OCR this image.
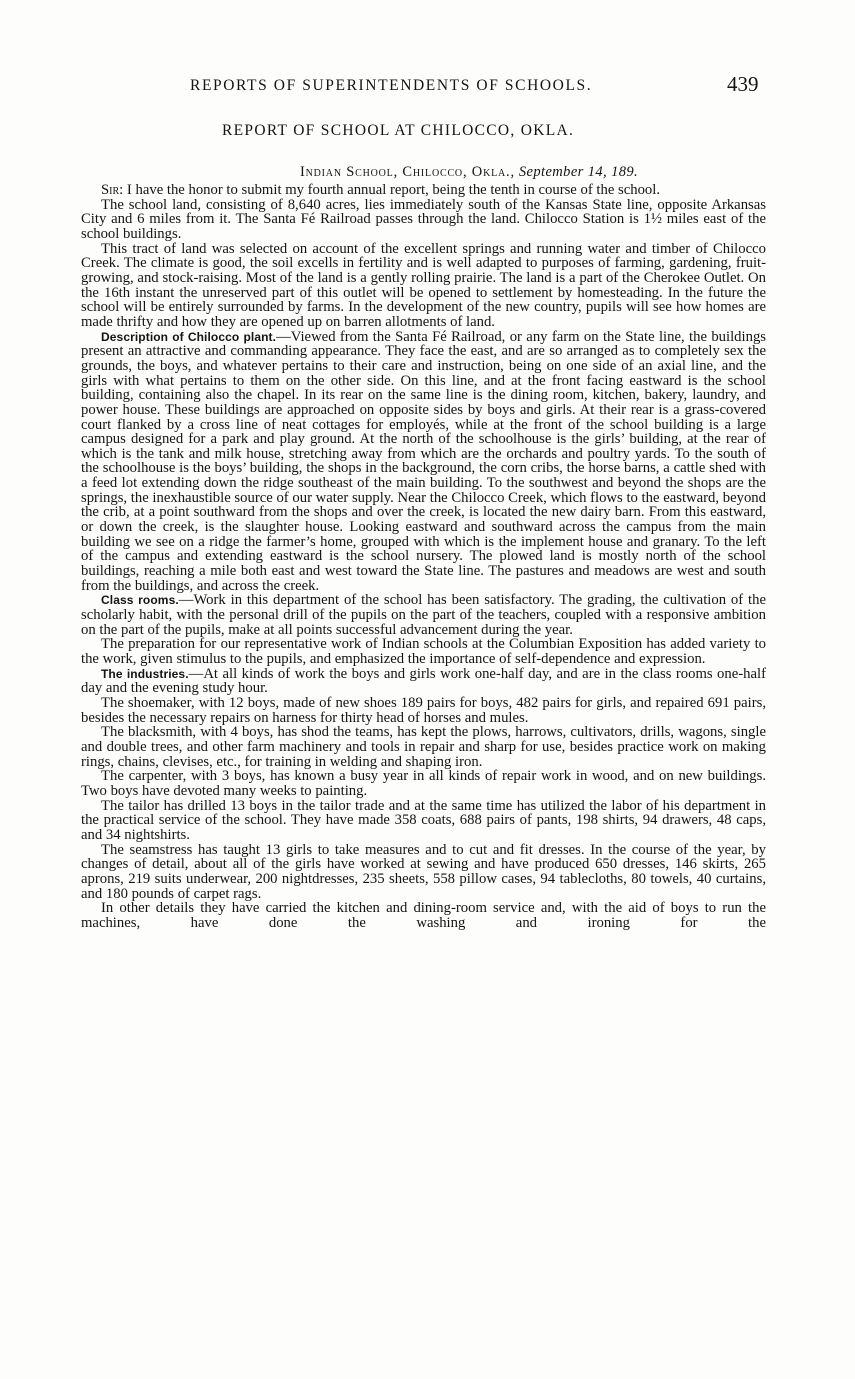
REPORTS OF SUPERINTENDENTS OF SCHOOLS.	439
REPORT OF SCHOOL AT CHILOCCO, OKLA.
Indian School, Chilocco, Okla., September 14, 189.

Sir: I have the honor to submit my fourth annual report, being the tenth in course of the school.

The school land, consisting of 8,640 acres, lies immediately south of the Kansas State line, opposite Arkansas City and 6 miles from it. The Santa Fé Railroad passes through the land. Chilocco Station is 1½ miles east of the school buildings.

This tract of land was selected on account of the excellent springs and running water and timber of Chilocco Creek. The climate is good, the soil excells in fertility and is well adapted to purposes of farming, gardening, fruit-growing, and stock-raising. Most of the land is a gently rolling prairie. The land is a part of the Cherokee Outlet. On the 16th instant the unreserved part of this outlet will be opened to settlement by homesteading. In the future the school will be entirely surrounded by farms. In the development of the new country, pupils will see how homes are made thrifty and how they are opened up on barren allotments of land.

Description of Chilocco plant.—Viewed from the Santa Fé Railroad, or any farm on the State line, the buildings present an attractive and commanding appearance. They face the east, and are so arranged as to completely sex the grounds, the boys, and whatever pertains to their care and instruction, being on one side of an axial line, and the girls with what pertains to them on the other side. On this line, and at the front facing eastward is the school building, containing also the chapel. In its rear on the same line is the dining room, kitchen, bakery, laundry, and power house. These buildings are approached on opposite sides by boys and girls. At their rear is a grass-covered court flanked by a cross line of neat cottages for employés, while at the front of the school building is a large campus designed for a park and play ground. At the north of the schoolhouse is the girls’ building, at the rear of which is the tank and milk house, stretching away from which are the orchards and poultry yards. To the south of the schoolhouse is the boys’ building, the shops in the background, the corn cribs, the horse barns, a cattle shed with a feed lot extending down the ridge southeast of the main building. To the southwest and beyond the shops are the springs, the inexhaustible source of our water supply. Near the Chilocco Creek, which flows to the eastward, beyond the crib, at a point southward from the shops and over the creek, is located the new dairy barn. From this eastward, or down the creek, is the slaughter house. Looking eastward and southward across the campus from the main building we see on a ridge the farmer’s home, grouped with which is the implement house and granary. To the left of the campus and extending eastward is the school nursery. The plowed land is mostly north of the school buildings, reaching a mile both east and west toward the State line. The pastures and meadows are west and south from the buildings, and across the creek.

Class rooms.—Work in this department of the school has been satisfactory. The grading, the cultivation of the scholarly habit, with the personal drill of the pupils on the part of the teachers, coupled with a responsive ambition on the part of the pupils, make at all points successful advancement during the year.

The preparation for our representative work of Indian schools at the Columbian Exposition has added variety to the work, given stimulus to the pupils, and emphasized the importance of self-dependence and expression.

The industries.—At all kinds of work the boys and girls work one-half day, and are in the class rooms one-half day and the evening study hour.

The shoemaker, with 12 boys, made of new shoes 189 pairs for boys, 482 pairs for girls, and repaired 691 pairs, besides the necessary repairs on harness for thirty head of horses and mules.

The blacksmith, with 4 boys, has shod the teams, has kept the plows, harrows, cultivators, drills, wagons, single and double trees, and other farm machinery and tools in repair and sharp for use, besides practice work on making rings, chains, clevises, etc., for training in welding and shaping iron.

The carpenter, with 3 boys, has known a busy year in all kinds of repair work in wood, and on new buildings. Two boys have devoted many weeks to painting.

The tailor has drilled 13 boys in the tailor trade and at the same time has utilized the labor of his department in the practical service of the school. They have made 358 coats, 688 pairs of pants, 198 shirts, 94 drawers, 48 caps, and 34 nightshirts.

The seamstress has taught 13 girls to take measures and to cut and fit dresses. In the course of the year, by changes of detail, about all of the girls have worked at sewing and have produced 650 dresses, 146 skirts, 265 aprons, 219 suits underwear, 200 nightdresses, 235 sheets, 558 pillow cases, 94 tablecloths, 80 towels, 40 curtains, and 180 pounds of carpet rags.

In other details they have carried the kitchen and dining-room service and, with the aid of boys to run the machines, have done the washing and ironing for the
